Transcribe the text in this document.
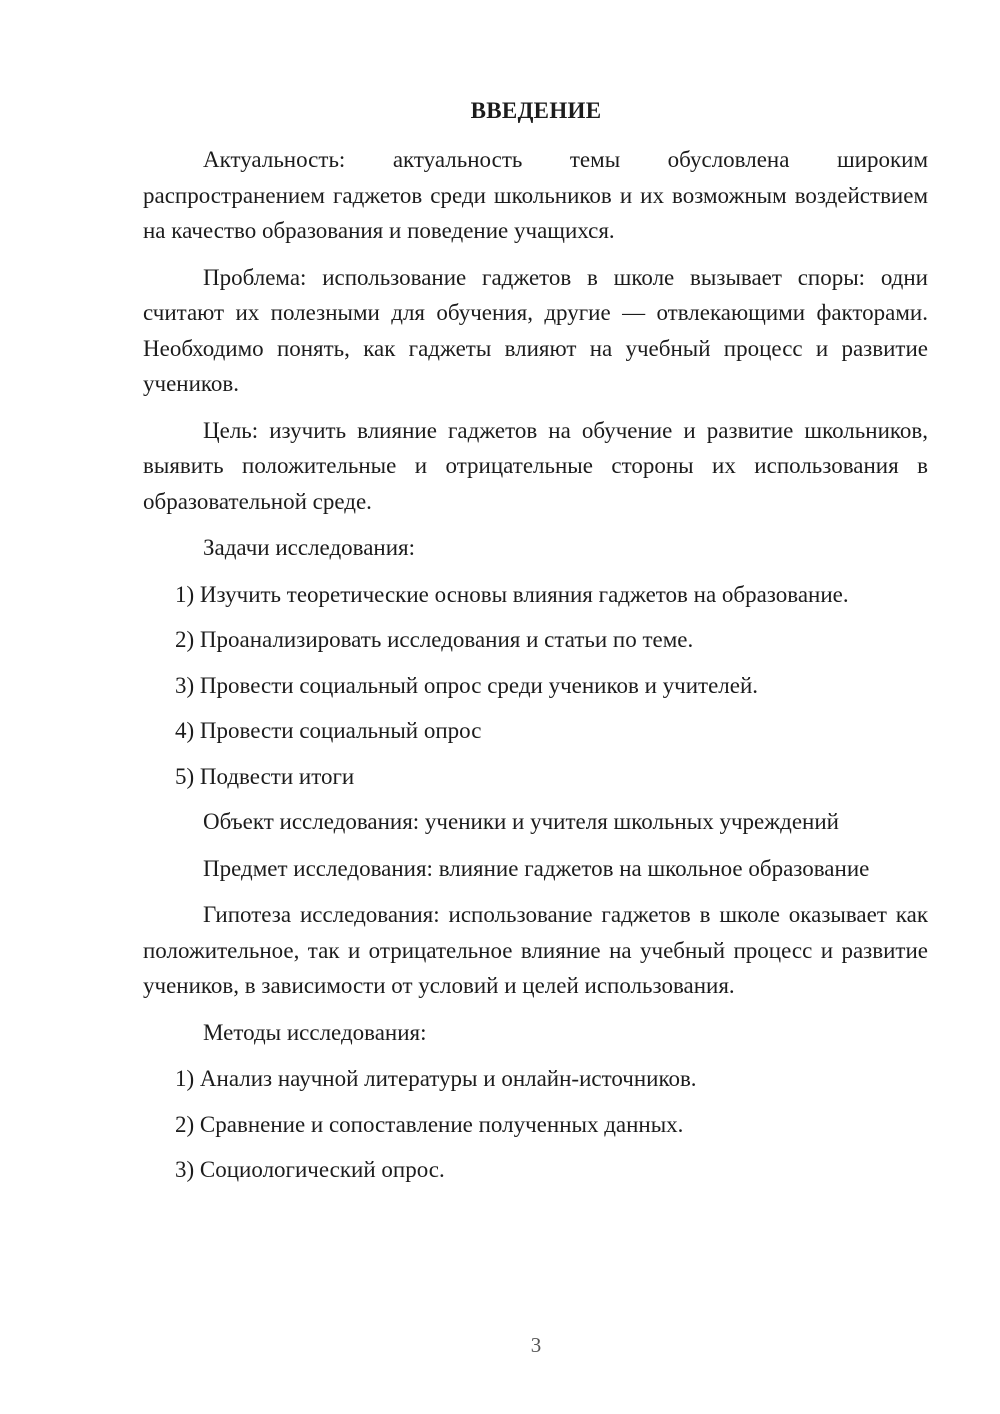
ВВЕДЕНИЕ

Актуальность: актуальность темы обусловлена широким распространением гаджетов среди школьников и их возможным воздействием на качество образования и поведение учащихся.

Проблема: использование гаджетов в школе вызывает споры: одни считают их полезными для обучения, другие — отвлекающими факторами. Необходимо понять, как гаджеты влияют на учебный процесс и развитие учеников.

Цель: изучить влияние гаджетов на обучение и развитие школьников, выявить положительные и отрицательные стороны их использования в образовательной среде.

Задачи исследования:

1) Изучить теоретические основы влияния гаджетов на образование.
2) Проанализировать исследования и статьи по теме.
3) Провести социальный опрос среди учеников и учителей.
4) Провести социальный опрос
5) Подвести итоги

Объект исследования: ученики и учителя школьных учреждений

Предмет исследования: влияние гаджетов на школьное образование

Гипотеза исследования: использование гаджетов в школе оказывает как положительное, так и отрицательное влияние на учебный процесс и развитие учеников, в зависимости от условий и целей использования.

Методы исследования:

1) Анализ научной литературы и онлайн-источников.
2) Сравнение и сопоставление полученных данных.
3) Социологический опрос.
3
